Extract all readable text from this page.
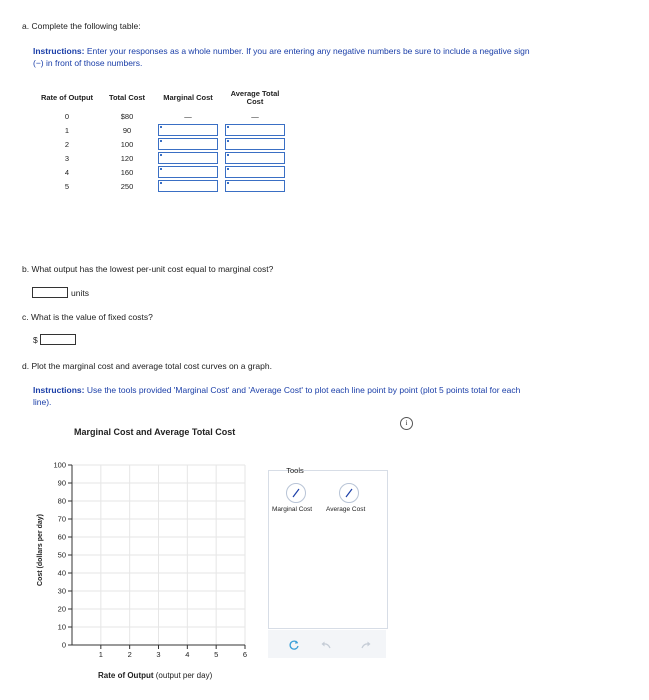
a. Complete the following table:
Instructions: Enter your responses as a whole number. If you are entering any negative numbers be sure to include a negative sign
(−) in front of those numbers.
Rate of Output	Total Cost	Marginal Cost	Average Total Cost
0	$80	—	—
1	90	

2	100	

3	120	

4	160	

5	250	

b. What output has the lowest per-unit cost equal to marginal cost?
units
c. What is the value of fixed costs?
$
d. Plot the marginal cost and average total cost curves on a graph.
Instructions: Use the tools provided 'Marginal Cost' and 'Average Cost' to plot each line point by point (plot 5 points total for each
line).
i
Marginal Cost and Average Total Cost
0
10
20
30
40
50
60
70
80
90
100
1	2	3	4	5	6
Cost (dollars per day)
Rate of Output (output per day)
Tools
Marginal Cost Average Cost
